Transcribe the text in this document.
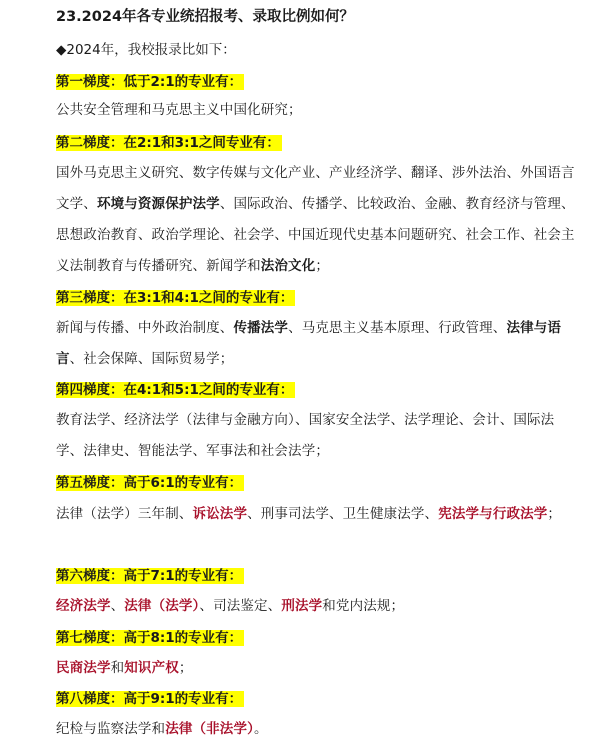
23.2024年各专业统招报考、录取比例如何？
◆2024年，我校报录比如下：
第一梯度：低于2:1的专业有：
公共安全管理和马克思主义中国化研究；
第二梯度：在2:1和3:1之间专业有：
国外马克思主义研究、数字传媒与文化产业、产业经济学、翻译、涉外法治、外国语言文学、环境与资源保护法学、国际政治、传播学、比较政治、金融、教育经济与管理、思想政治教育、政治学理论、社会学、中国近现代史基本问题研究、社会工作、社会主义法制教育与传播研究、新闻学和法治文化；
第三梯度：在3:1和4:1之间的专业有：
新闻与传播、中外政治制度、传播法学、马克思主义基本原理、行政管理、法律与语言、社会保障、国际贸易学；
第四梯度：在4:1和5:1之间的专业有：
教育法学、经济法学（法律与金融方向）、国家安全法学、法学理论、会计、国际法学、法律史、智能法学、军事法和社会法学；
第五梯度：高于6:1的专业有：
法律（法学）三年制、诉讼法学、刑事司法学、卫生健康法学、宪法学与行政法学；
第六梯度：高于7:1的专业有：
经济法学、法律（法学）、司法鉴定、刑法学和党内法规；
第七梯度：高于8:1的专业有：
民商法学和知识产权；
第八梯度：高于9:1的专业有：
纪检与监察法学和法律（非法学）。
